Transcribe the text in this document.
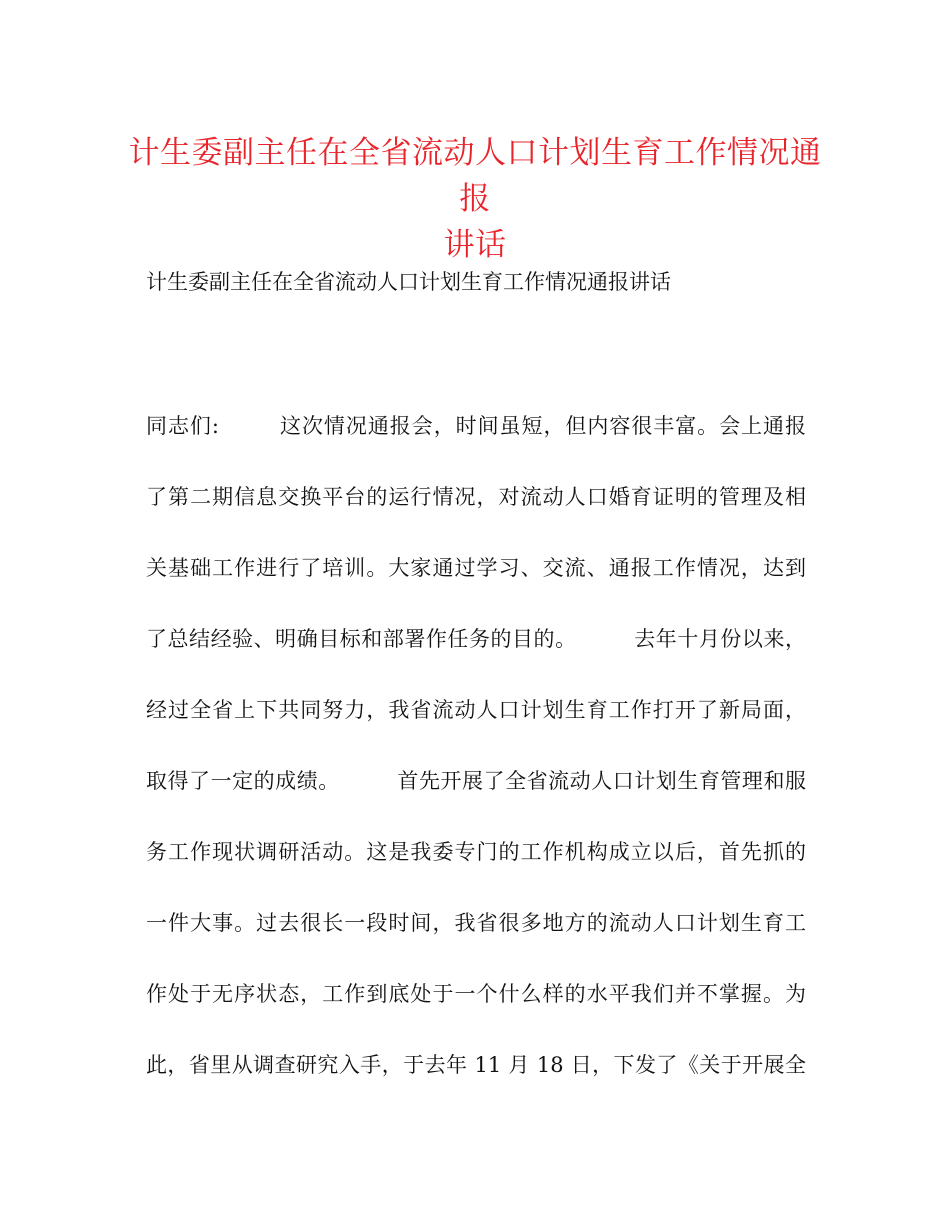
计生委副主任在全省流动人口计划生育工作情况通报
讲话
计生委副主任在全省流动人口计划生育工作情况通报讲话
同志们:        这次情况通报会，时间虽短，但内容很丰富。会上通报
了第二期信息交换平台的运行情况，对流动人口婚育证明的管理及相
关基础工作进行了培训。大家通过学习、交流、通报工作情况，达到
了总结经验、明确目标和部署作任务的目的。        去年十月份以来，
经过全省上下共同努力，我省流动人口计划生育工作打开了新局面，
取得了一定的成绩。        首先开展了全省流动人口计划生育管理和服
务工作现状调研活动。这是我委专门的工作机构成立以后，首先抓的
一件大事。过去很长一段时间，我省很多地方的流动人口计划生育工
作处于无序状态，工作到底处于一个什么样的水平我们并不掌握。为
此，省里从调查研究入手，于去年 11 月 18 日，下发了《关于开展全
